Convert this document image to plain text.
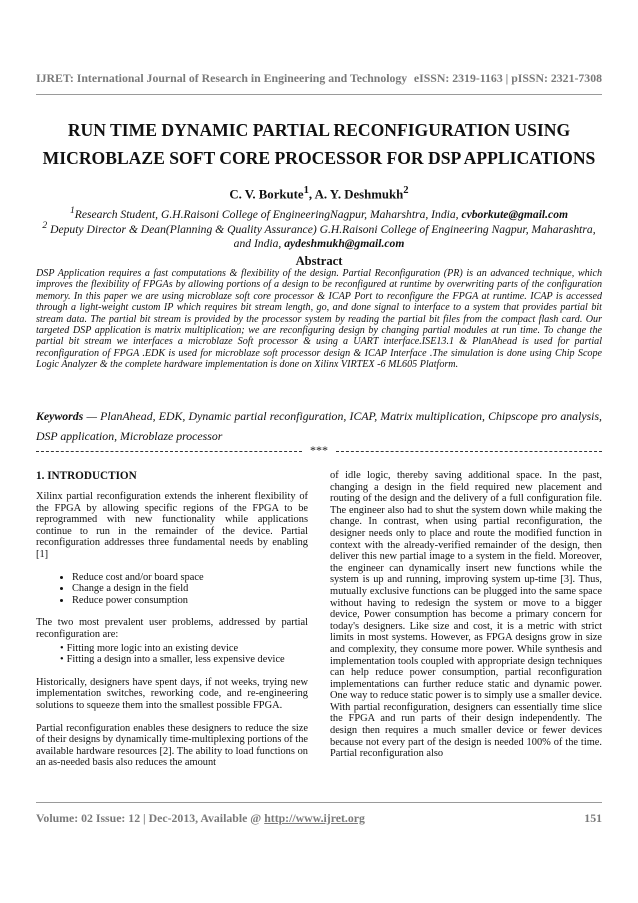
IJRET: International Journal of Research in Engineering and Technology eISSN: 2319-1163 | pISSN: 2321-7308
RUN TIME DYNAMIC PARTIAL RECONFIGURATION USING
MICROBLAZE SOFT CORE PROCESSOR FOR DSP APPLICATIONS
C. V. Borkute$^1$, A. Y. Deshmukh$^2$
$^1$Research Student, G.H.Raisoni College of EngineeringNagpur, Maharshtra, India, cvborkute@gmail.com
$^2$ Deputy Director & Dean(Planning & Quality Assurance) G.H.Raisoni College of Engineering Nagpur, Maharashtra, and India, aydeshmukh@gmail.com
Abstract

DSP Application requires a fast computations & flexibility of the design. Partial Reconfiguration (PR) is an advanced technique, which improves the flexibility of FPGAs by allowing portions of a design to be reconfigured at runtime by overwriting parts of the configuration memory. In this paper we are using microblaze soft core processor & ICAP Port to reconfigure the FPGA at runtime. ICAP is accessed through a light-weight custom IP which requires bit stream length, go, and done signal to interface to a system that provides partial bit stream data. The partial bit stream is provided by the processor system by reading the partial bit files from the compact flash card. Our targeted DSP application is matrix multiplication; we are reconfiguring design by changing partial modules at run time. To change the partial bit stream we interfaces a microblaze Soft processor & using a UART interface.ISE13.1 & PlanAhead is used for partial reconfiguration of FPGA .EDK is used for microblaze soft processor design & ICAP Interface .The simulation is done using Chip Scope Logic Analyzer & the complete hardware implementation is done on Xilinx VIRTEX -6 ML605 Platform.

Keywords — PlanAhead, EDK, Dynamic partial reconfiguration, ICAP, Matrix multiplication, Chipscope pro analysis, DSP application, Microblaze processor

***
1. INTRODUCTION

Xilinx partial reconfiguration extends the inherent flexibility of the FPGA by allowing specific regions of the FPGA to be reprogrammed with new functionality while applications continue to run in the remainder of the device. Partial reconfiguration addresses three fundamental needs by enabling [1]

• Reduce cost and/or board space
• Change a design in the field
• Reduce power consumption

The two most prevalent user problems, addressed by partial reconfiguration are:

• Fitting more logic into an existing device
• Fitting a design into a smaller, less expensive device

Historically, designers have spent days, if not weeks, trying new implementation switches, reworking code, and re-engineering solutions to squeeze them into the smallest possible FPGA.

Partial reconfiguration enables these designers to reduce the size of their designs by dynamically time-multiplexing portions of the available hardware resources [2]. The ability to load functions on an as-needed basis also reduces the amount

of idle logic, thereby saving additional space. In the past, changing a design in the field required new placement and routing of the design and the delivery of a full configuration file. The engineer also had to shut the system down while making the change. In contrast, when using partial reconfiguration, the designer needs only to place and route the modified function in context with the already-verified remainder of the design, then deliver this new partial image to a system in the field. Moreover, the engineer can dynamically insert new functions while the system is up and running, improving system up-time [3]. Thus, mutually exclusive functions can be plugged into the same space without having to redesign the system or move to a bigger device, Power consumption has become a primary concern for today's designers. Like size and cost, it is a metric with strict limits in most systems. However, as FPGA designs grow in size and complexity, they consume more power. While synthesis and implementation tools coupled with appropriate design techniques can help reduce power consumption, partial reconfiguration implementations can further reduce static and dynamic power. One way to reduce static power is to simply use a smaller device. With partial reconfiguration, designers can essentially time slice the FPGA and run parts of their design independently. The design then requires a much smaller device or fewer devices because not every part of the design is needed 100% of the time. Partial reconfiguration also

Volume: 02 Issue: 12 | Dec-2013, Available @ http://www.ijret.org	151
